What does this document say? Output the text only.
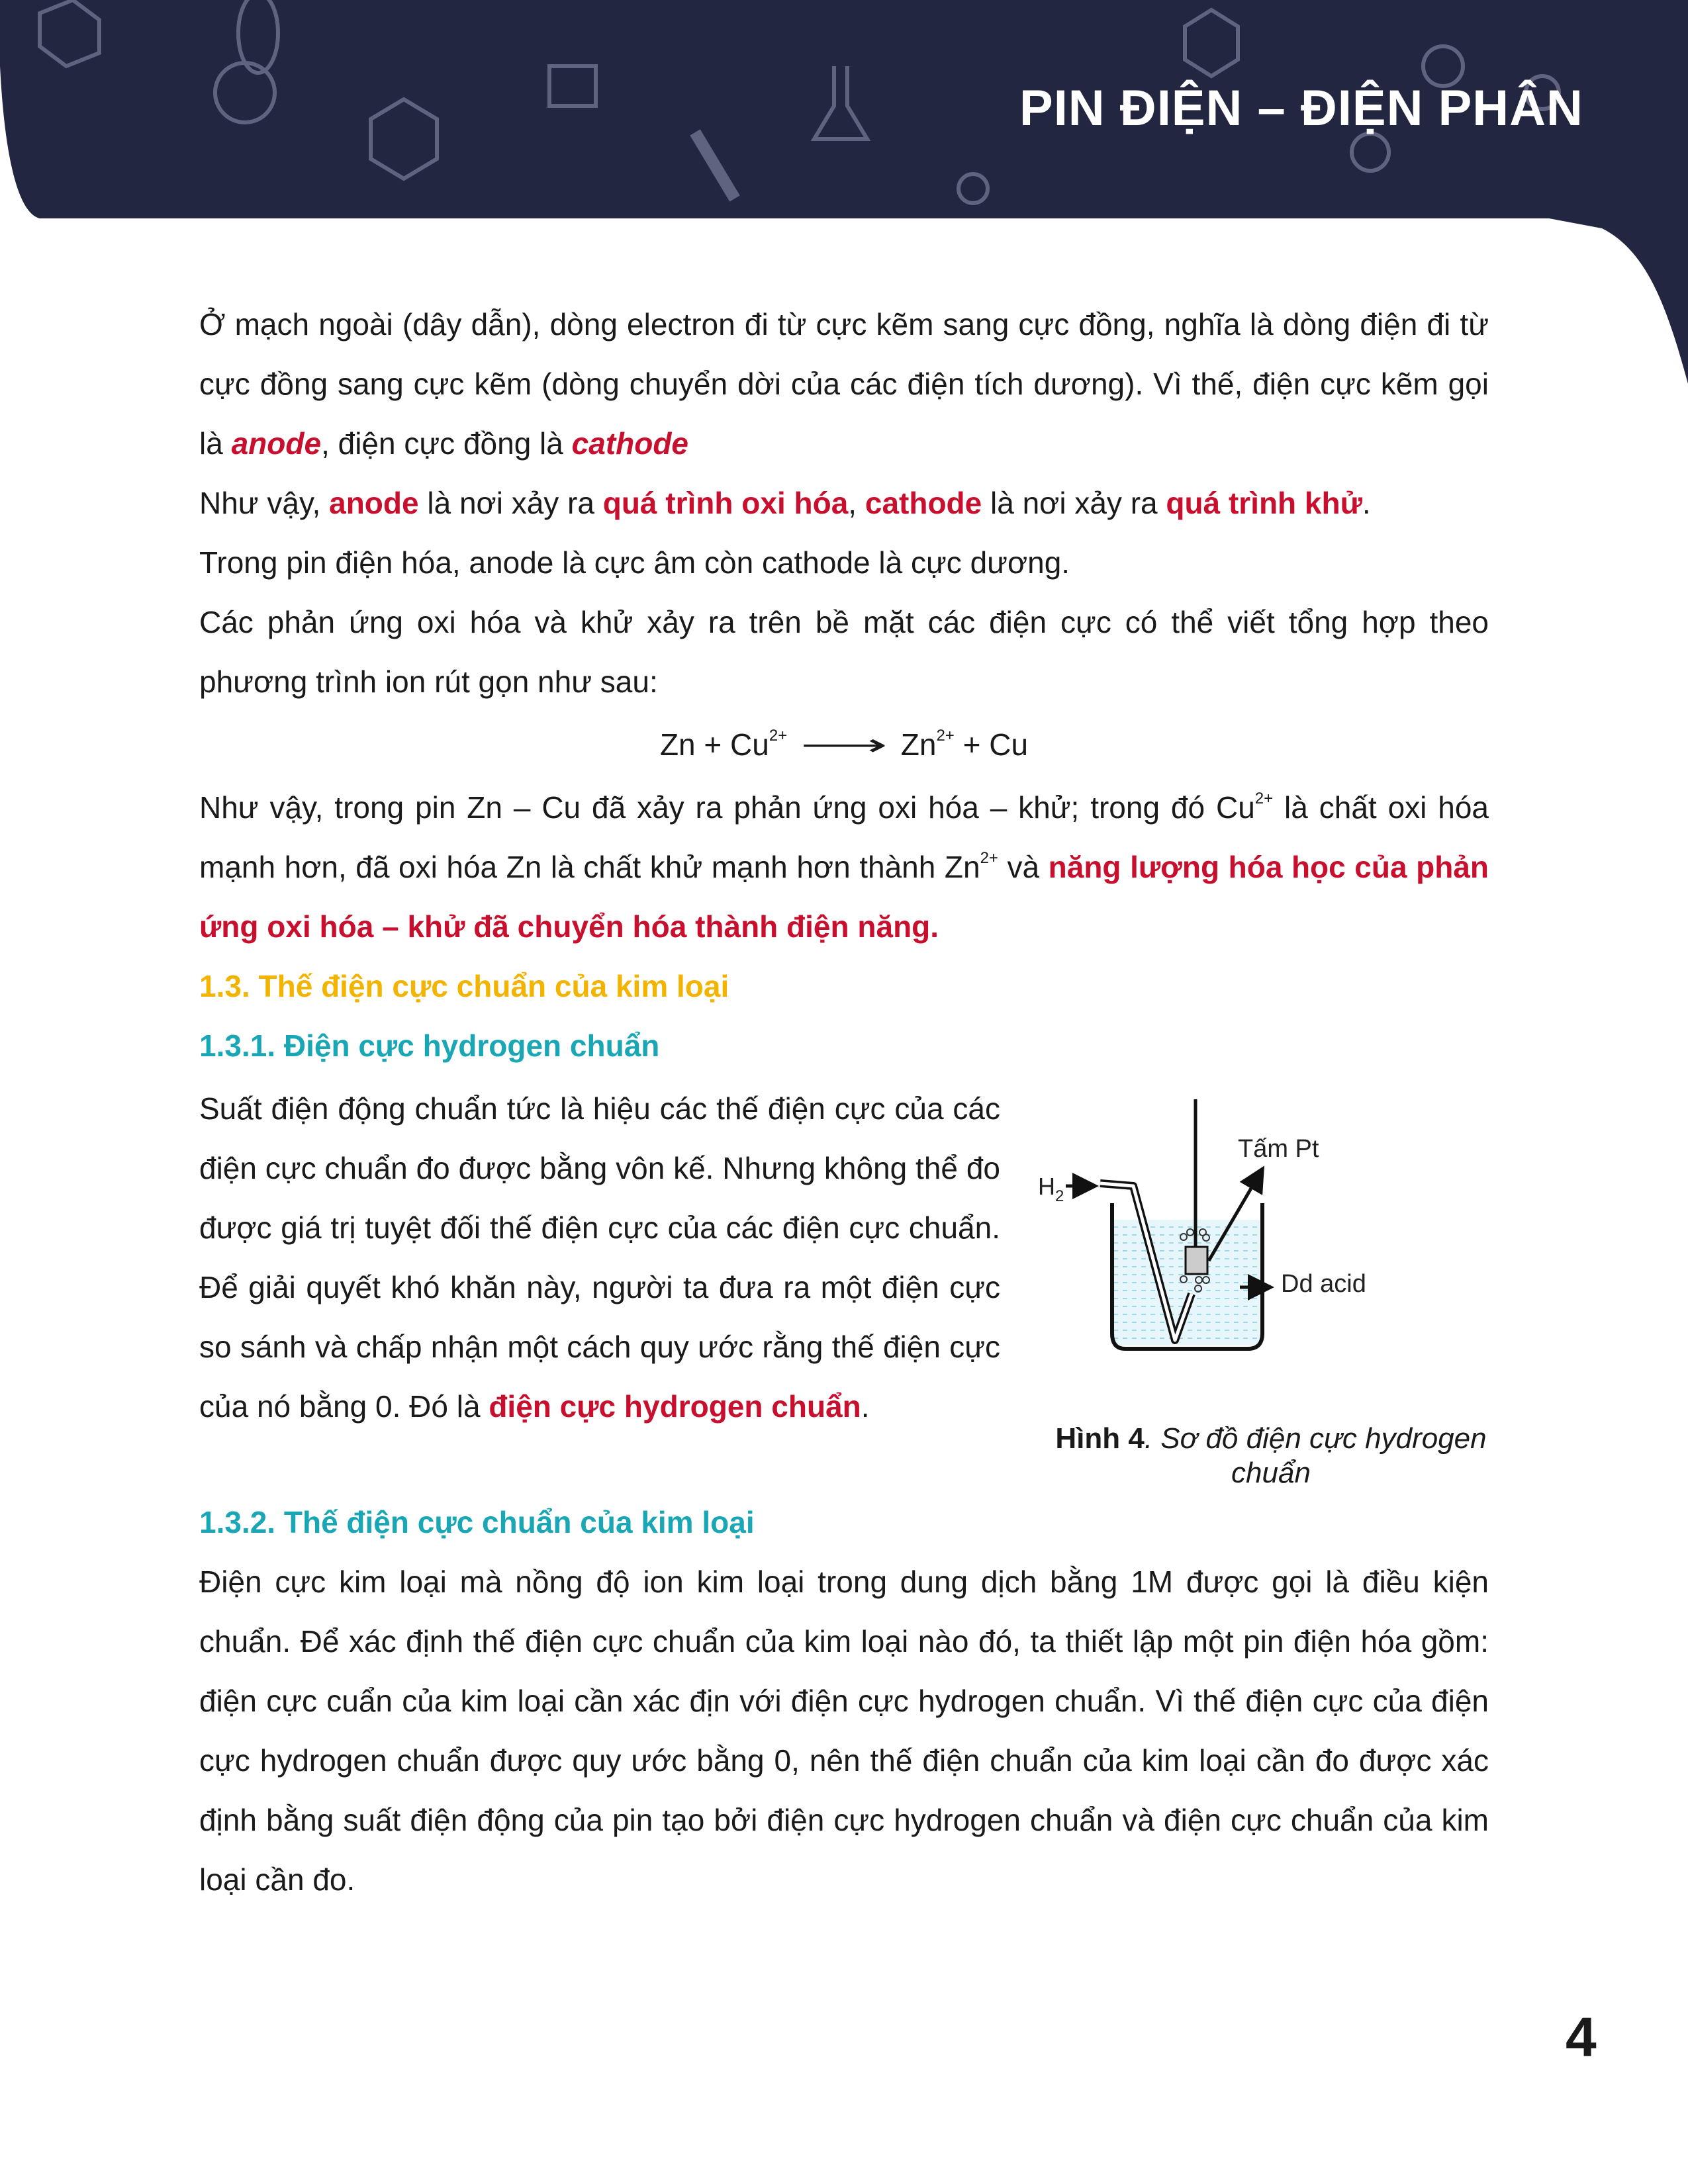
PIN ĐIỆN – ĐIỆN PHÂN

Ở mạch ngoài (dây dẫn), dòng electron đi từ cực kẽm sang cực đồng, nghĩa là dòng điện đi từ cực đồng sang cực kẽm (dòng chuyển dời của các điện tích dương). Vì thế, điện cực kẽm gọi là anode, điện cực đồng là cathode

Như vậy, anode là nơi xảy ra quá trình oxi hóa, cathode là nơi xảy ra quá trình khử.

Trong pin điện hóa, anode là cực âm còn cathode là cực dương.

Các phản ứng oxi hóa và khử xảy ra trên bề mặt các điện cực có thể viết tổng hợp theo phương trình ion rút gọn như sau:

$Zn + Cu^{2+}$ ⟶ $Zn^{2+} + Cu$

Như vậy, trong pin Zn – Cu đã xảy ra phản ứng oxi hóa – khử; trong đó $Cu^{2+}$ là chất oxi hóa mạnh hơn, đã oxi hóa Zn là chất khử mạnh hơn thành $Zn^{2+}$ và năng lượng hóa học của phản ứng oxi hóa – khử đã chuyển hóa thành điện năng.

1.3. Thế điện cực chuẩn của kim loại

1.3.1. Điện cực hydrogen chuẩn

Suất điện động chuẩn tức là hiệu các thế điện cực của các điện cực chuẩn đo được bằng vôn kế. Nhưng không thể đo được giá trị tuyệt đối thế điện cực của các điện cực chuẩn. Để giải quyết khó khăn này, người ta đưa ra một điện cực so sánh và chấp nhận một cách quy ước rằng thế điện cực của nó bằng 0. Đó là điện cực hydrogen chuẩn.

$H_2$
Tấm Pt
Dd acid
Hình 4. Sơ đồ điện cực hydrogen chuẩn

1.3.2. Thế điện cực chuẩn của kim loại

Điện cực kim loại mà nồng độ ion kim loại trong dung dịch bằng 1M được gọi là điều kiện chuẩn. Để xác định thế điện cực chuẩn của kim loại nào đó, ta thiết lập một pin điện hóa gồm: điện cực cuẩn của kim loại cần xác địn với điện cực hydrogen chuẩn. Vì thế điện cực của điện cực hydrogen chuẩn được quy ước bằng 0, nên thế điện chuẩn của kim loại cần đo được xác định bằng suất điện động của pin tạo bởi điện cực hydrogen chuẩn và điện cực chuẩn của kim loại cần đo.

4
